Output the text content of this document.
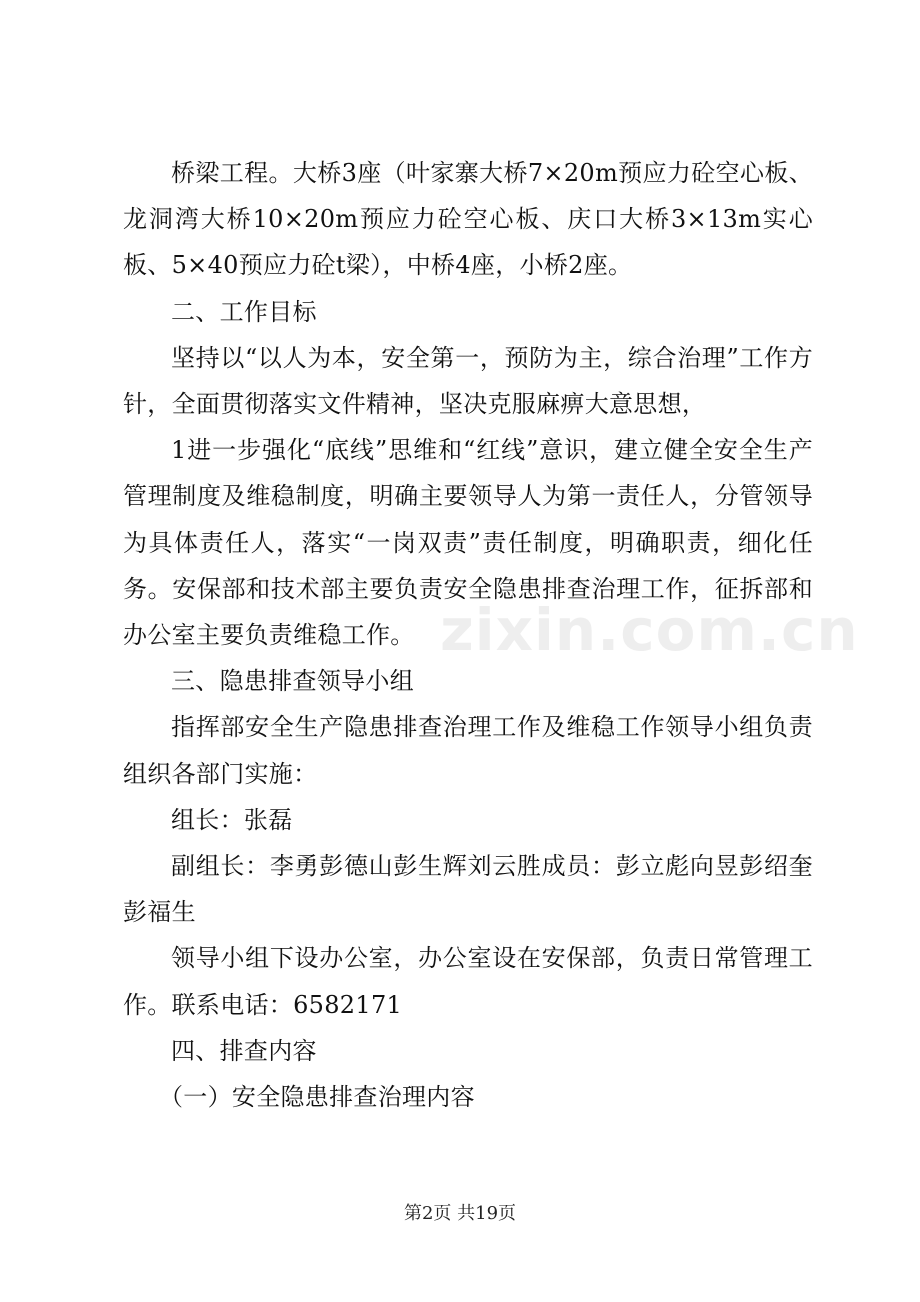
桥梁工程。大桥3座（叶家寨大桥7×20m预应力砼空心板、龙洞湾大桥10×20m预应力砼空心板、庆口大桥3×13m实心板、5×40预应力砼t梁），中桥4座，小桥2座。

二、工作目标

坚持以“以人为本，安全第一，预防为主，综合治理”工作方针，全面贯彻落实文件精神，坚决克服麻痹大意思想，

1进一步强化“底线”思维和“红线”意识，建立健全安全生产管理制度及维稳制度，明确主要领导人为第一责任人，分管领导为具体责任人，落实“一岗双责”责任制度，明确职责，细化任务。安保部和技术部主要负责安全隐患排查治理工作，征拆部和办公室主要负责维稳工作。

三、隐患排查领导小组

指挥部安全生产隐患排查治理工作及维稳工作领导小组负责组织各部门实施：

组长：张磊

副组长：李勇彭德山彭生辉刘云胜成员：彭立彪向昱彭绍奎彭福生

领导小组下设办公室，办公室设在安保部，负责日常管理工作。联系电话：6582171

四、排查内容

（一）安全隐患排查治理内容

zixin.com.cn
第2页 共19页
